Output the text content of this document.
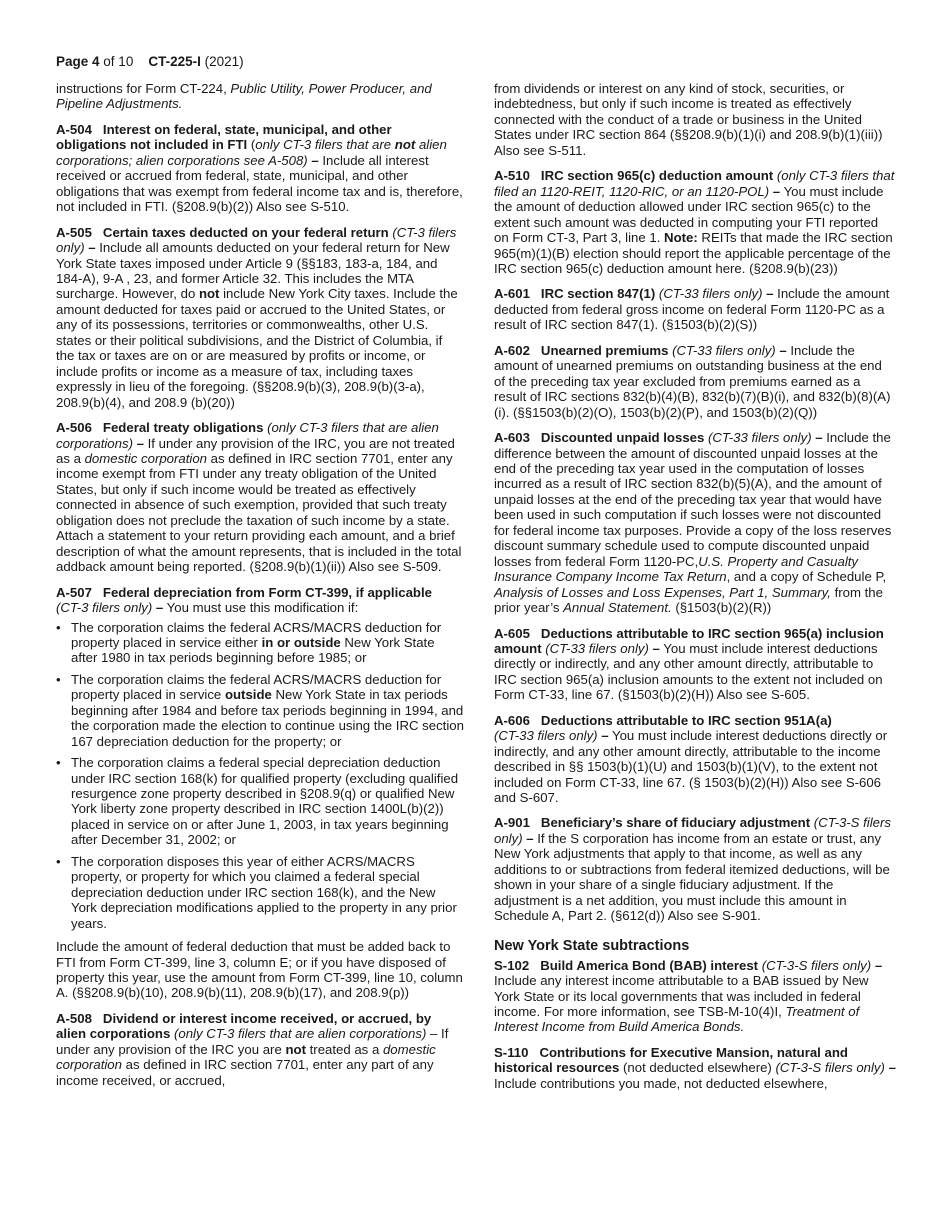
Page 4 of 10 CT-225-I (2021)

instructions for Form CT-224, Public Utility, Power Producer, and Pipeline Adjustments.

A-504 Interest on federal, state, municipal, and other obligations not included in FTI (only CT-3 filers that are not alien corporations; alien corporations see A-508) – Include all interest received or accrued from federal, state, municipal, and other obligations that was exempt from federal income tax and is, therefore, not included in FTI. (§208.9(b)(2)) Also see S-510.

A-505 Certain taxes deducted on your federal return (CT-3 filers only) – Include all amounts deducted on your federal return for New York State taxes imposed under Article 9 (§§183, 183-a, 184, and 184-A), 9-A , 23, and former Article 32. This includes the MTA surcharge. However, do not include New York City taxes. Include the amount deducted for taxes paid or accrued to the United States, or any of its possessions, territories or commonwealths, other U.S. states or their political subdivisions, and the District of Columbia, if the tax or taxes are on or are measured by profits or income, or include profits or income as a measure of tax, including taxes expressly in lieu of the foregoing. (§§208.9(b)(3), 208.9(b)(3-a), 208.9(b)(4), and 208.9 (b)(20))

A-506 Federal treaty obligations (only CT-3 filers that are alien corporations) – If under any provision of the IRC, you are not treated as a domestic corporation as defined in IRC section 7701, enter any income exempt from FTI under any treaty obligation of the United States, but only if such income would be treated as effectively connected in absence of such exemption, provided that such treaty obligation does not preclude the taxation of such income by a state. Attach a statement to your return providing each amount, and a brief description of what the amount represents, that is included in the total addback amount being reported. (§208.9(b)(1)(ii)) Also see S-509.

A-507 Federal depreciation from Form CT-399, if applicable
(CT-3 filers only) – You must use this modification if:

• The corporation claims the federal ACRS/MACRS deduction for property placed in service either in or outside New York State after 1980 in tax periods beginning before 1985; or
• The corporation claims the federal ACRS/MACRS deduction for property placed in service outside New York State in tax periods beginning after 1984 and before tax periods beginning in 1994, and the corporation made the election to continue using the IRC section 167 depreciation deduction for the property; or
• The corporation claims a federal special depreciation deduction under IRC section 168(k) for qualified property (excluding qualified resurgence zone property described in §208.9(q) or qualified New York liberty zone property described in IRC section 1400L(b)(2)) placed in service on or after June 1, 2003, in tax years beginning after December 31, 2002; or
• The corporation disposes this year of either ACRS/MACRS property, or property for which you claimed a federal special depreciation deduction under IRC section 168(k), and the New York depreciation modifications applied to the property in any prior years.

Include the amount of federal deduction that must be added back to FTI from Form CT-399, line 3, column E; or if you have disposed of property this year, use the amount from Form CT-399, line 10, column A. (§§208.9(b)(10), 208.9(b)(11), 208.9(b)(17), and 208.9(p))

A-508 Dividend or interest income received, or accrued, by alien corporations (only CT-3 filers that are alien corporations) – If under any provision of the IRC you are not treated as a domestic corporation as defined in IRC section 7701, enter any part of any income received, or accrued,

from dividends or interest on any kind of stock, securities, or indebtedness, but only if such income is treated as effectively connected with the conduct of a trade or business in the United States under IRC section 864 (§§208.9(b)(1)(i) and 208.9(b)(1)(iii)) Also see S-511.

A-510 IRC section 965(c) deduction amount (only CT-3 filers that filed an 1120-REIT, 1120-RIC, or an 1120-POL) – You must include the amount of deduction allowed under IRC section 965(c) to the extent such amount was deducted in computing your FTI reported on Form CT-3, Part 3, line 1. Note: REITs that made the IRC section 965(m)(1)(B) election should report the applicable percentage of the IRC section 965(c) deduction amount here. (§208.9(b)(23))

A-601 IRC section 847(1) (CT-33 filers only) – Include the amount deducted from federal gross income on federal Form 1120-PC as a result of IRC section 847(1). (§1503(b)(2)(S))

A-602 Unearned premiums (CT-33 filers only) – Include the amount of unearned premiums on outstanding business at the end of the preceding tax year excluded from premiums earned as a result of IRC sections 832(b)(4)(B), 832(b)(7)(B)(i), and 832(b)(8)(A)(i). (§§1503(b)(2)(O), 1503(b)(2)(P), and 1503(b)(2)(Q))

A-603 Discounted unpaid losses (CT-33 filers only) – Include the difference between the amount of discounted unpaid losses at the end of the preceding tax year used in the computation of losses incurred as a result of IRC section 832(b)(5)(A), and the amount of unpaid losses at the end of the preceding tax year that would have been used in such computation if such losses were not discounted for federal income tax purposes. Provide a copy of the loss reserves discount summary schedule used to compute discounted unpaid losses from federal Form 1120-PC,U.S. Property and Casualty Insurance Company Income Tax Return, and a copy of Schedule P, Analysis of Losses and Loss Expenses, Part 1, Summary, from the prior year’s Annual Statement. (§1503(b)(2)(R))

A-605 Deductions attributable to IRC section 965(a) inclusion amount (CT-33 filers only) – You must include interest deductions directly or indirectly, and any other amount directly, attributable to IRC section 965(a) inclusion amounts to the extent not included on Form CT-33, line 67. (§1503(b)(2)(H)) Also see S-605.

A-606 Deductions attributable to IRC section 951A(a)
(CT-33 filers only) – You must include interest deductions directly or indirectly, and any other amount directly, attributable to the income described in §§ 1503(b)(1)(U) and 1503(b)(1)(V), to the extent not included on Form CT-33, line 67. (§ 1503(b)(2)(H)) Also see S-606 and S-607.

A-901 Beneficiary’s share of fiduciary adjustment (CT-3-S filers only) – If the S corporation has income from an estate or trust, any New York adjustments that apply to that income, as well as any additions to or subtractions from federal itemized deductions, will be shown in your share of a single fiduciary adjustment. If the adjustment is a net addition, you must include this amount in Schedule A, Part 2. (§612(d)) Also see S-901.

New York State subtractions

S-102 Build America Bond (BAB) interest (CT-3-S filers only) – Include any interest income attributable to a BAB issued by New York State or its local governments that was included in federal income. For more information, see TSB-M-10(4)I, Treatment of Interest Income from Build America Bonds.

S-110 Contributions for Executive Mansion, natural and historical resources (not deducted elsewhere) (CT-3-S filers only) – Include contributions you made, not deducted elsewhere,
